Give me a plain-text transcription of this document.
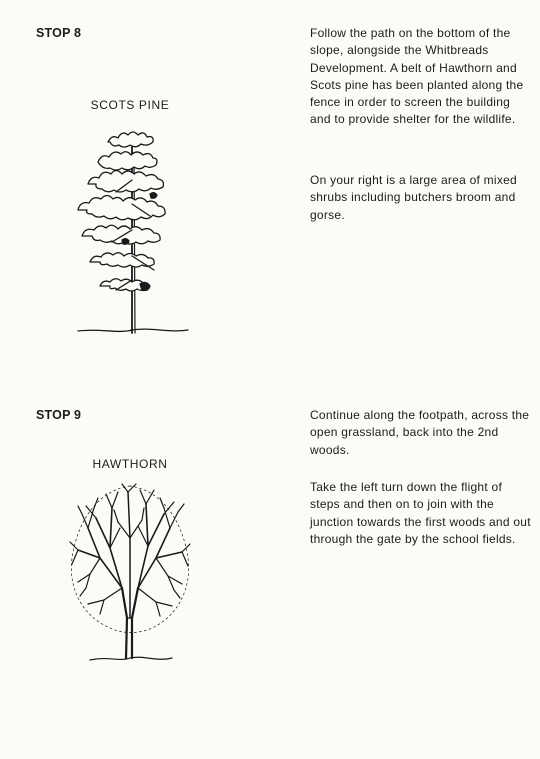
STOP 8
SCOTS PINE

Follow the path on the bottom of the slope, alongside the Whitbreads Development. A belt of Hawthorn and Scots pine has been planted along the fence in order to screen the building and to provide shelter for the wildlife.

On your right is a large area of mixed shrubs including butchers broom and gorse.

STOP 9
HAWTHORN

Continue along the footpath, across the open grassland, back into the 2nd woods.

Take the left turn down the flight of steps and then on to join with the junction towards the first woods and out through the gate by the school fields.
